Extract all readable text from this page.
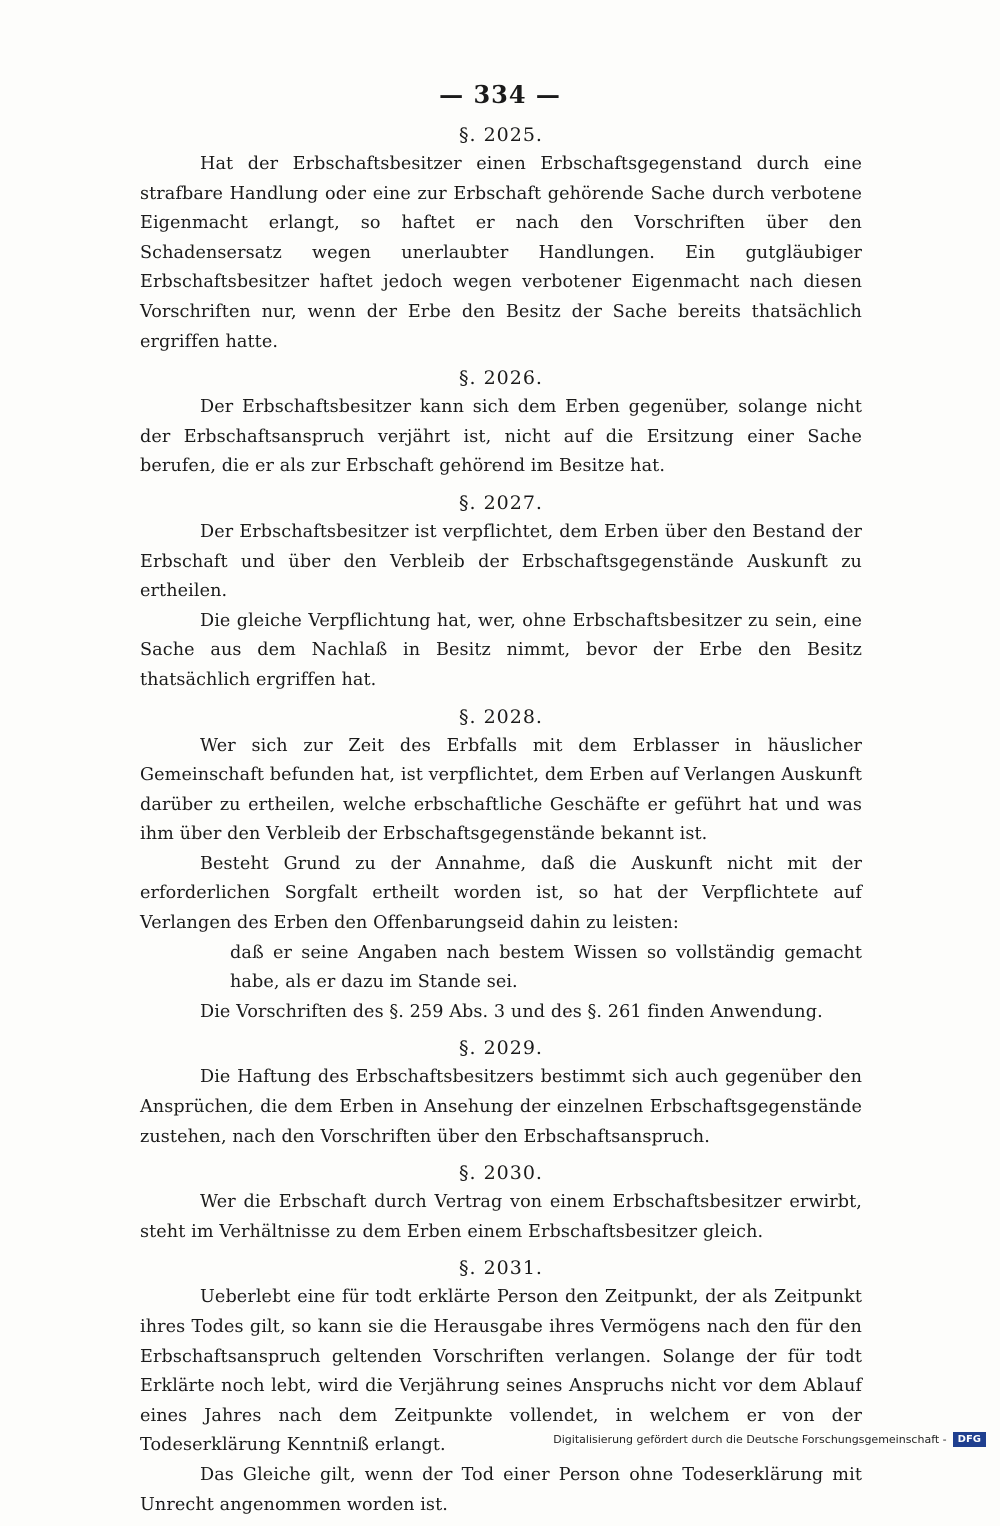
— 334 —
§. 2025.

Hat der Erbschaftsbesitzer einen Erbschaftsgegenstand durch eine strafbare Handlung oder eine zur Erbschaft gehörende Sache durch verbotene Eigenmacht erlangt, so haftet er nach den Vorschriften über den Schadensersatz wegen unerlaubter Handlungen. Ein gutgläubiger Erbschaftsbesitzer haftet jedoch wegen verbotener Eigenmacht nach diesen Vorschriften nur, wenn der Erbe den Besitz der Sache bereits thatsächlich ergriffen hatte.

§. 2026.

Der Erbschaftsbesitzer kann sich dem Erben gegenüber, solange nicht der Erbschaftsanspruch verjährt ist, nicht auf die Ersitzung einer Sache berufen, die er als zur Erbschaft gehörend im Besitze hat.

§. 2027.

Der Erbschaftsbesitzer ist verpflichtet, dem Erben über den Bestand der Erbschaft und über den Verbleib der Erbschaftsgegenstände Auskunft zu ertheilen.

Die gleiche Verpflichtung hat, wer, ohne Erbschaftsbesitzer zu sein, eine Sache aus dem Nachlaß in Besitz nimmt, bevor der Erbe den Besitz thatsächlich ergriffen hat.

§. 2028.

Wer sich zur Zeit des Erbfalls mit dem Erblasser in häuslicher Gemeinschaft befunden hat, ist verpflichtet, dem Erben auf Verlangen Auskunft darüber zu ertheilen, welche erbschaftliche Geschäfte er geführt hat und was ihm über den Verbleib der Erbschaftsgegenstände bekannt ist.

Besteht Grund zu der Annahme, daß die Auskunft nicht mit der erforderlichen Sorgfalt ertheilt worden ist, so hat der Verpflichtete auf Verlangen des Erben den Offenbarungseid dahin zu leisten:

daß er seine Angaben nach bestem Wissen so vollständig gemacht habe, als er dazu im Stande sei.

Die Vorschriften des §. 259 Abs. 3 und des §. 261 finden Anwendung.

§. 2029.

Die Haftung des Erbschaftsbesitzers bestimmt sich auch gegenüber den Ansprüchen, die dem Erben in Ansehung der einzelnen Erbschaftsgegenstände zustehen, nach den Vorschriften über den Erbschaftsanspruch.

§. 2030.

Wer die Erbschaft durch Vertrag von einem Erbschaftsbesitzer erwirbt, steht im Verhältnisse zu dem Erben einem Erbschaftsbesitzer gleich.

§. 2031.

Ueberlebt eine für todt erklärte Person den Zeitpunkt, der als Zeitpunkt ihres Todes gilt, so kann sie die Herausgabe ihres Vermögens nach den für den Erbschaftsanspruch geltenden Vorschriften verlangen. Solange der für todt Erklärte noch lebt, wird die Verjährung seines Anspruchs nicht vor dem Ablauf eines Jahres nach dem Zeitpunkte vollendet, in welchem er von der Todeserklärung Kenntniß erlangt.

Das Gleiche gilt, wenn der Tod einer Person ohne Todeserklärung mit Unrecht angenommen worden ist.

Digitalisierung gefördert durch die Deutsche Forschungsgemeinschaft -	DFG
